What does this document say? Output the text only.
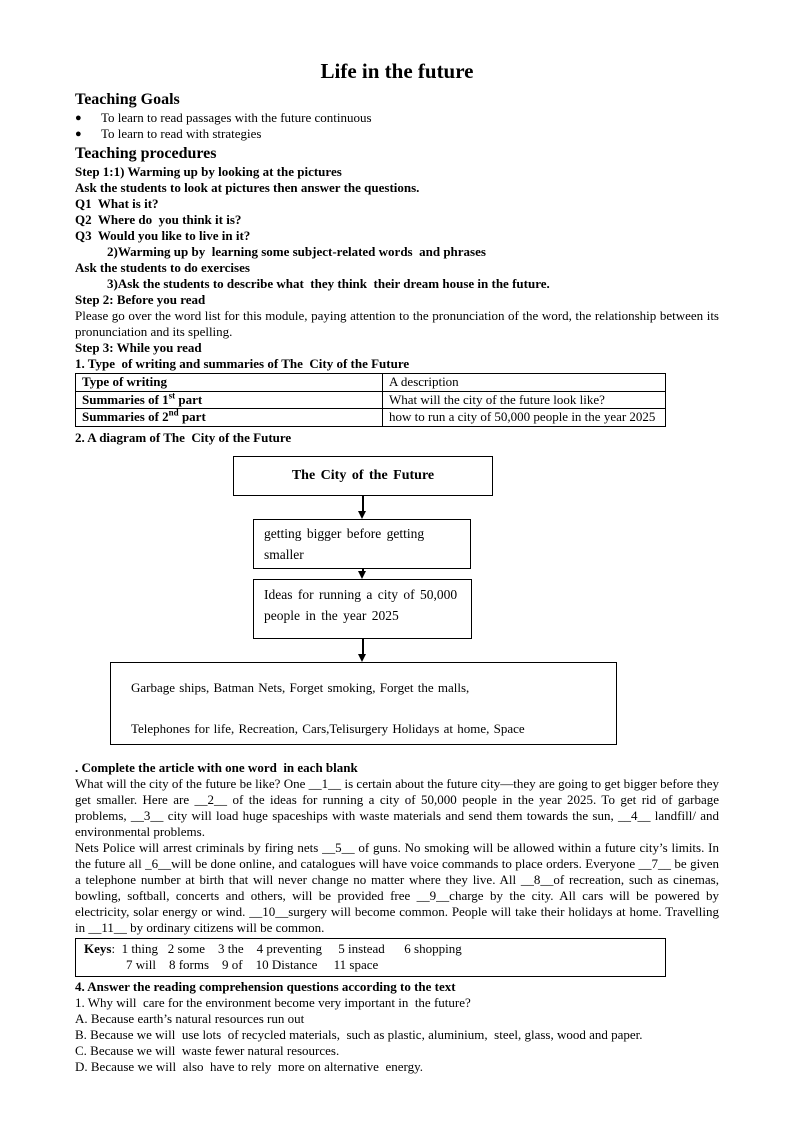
Life in the future
Teaching Goals
●	To learn to read passages with the future continuous
●	To learn to read with strategies
Teaching procedures
Step 1:1) Warming up by looking at the pictures
Ask the students to look at pictures then answer the questions.
Q1  What is it?
Q2  Where do  you think it is?
Q3  Would you like to live in it?
2)Warming up by  learning some subject-related words  and phrases
Ask the students to do exercises
3)Ask the students to describe what  they think  their dream house in the future.
Step 2: Before you read
Please go over the word list for this module, paying attention to the pronunciation of the word, the relationship between its pronunciation and its spelling.
Step 3: While you read
1. Type  of writing and summaries of The  City of the Future
Type of writing	A description
Summaries of 1st part	What will the city of the future look like?
Summaries of 2nd part	how to run a city of 50,000 people in the year 2025
2. A diagram of The  City of the Future
The City of the Future
getting bigger before getting smaller
Ideas for running a city of 50,000 people in the year 2025
Garbage ships, Batman Nets, Forget smoking, Forget the malls,
Telephones for life, Recreation, Cars,Telisurgery Holidays at home, Space
. Complete the article with one word  in each blank
What will the city of the future be like? One __1__ is certain about the future city—they are going to get bigger before they get smaller. Here are __2__ of the ideas for running a city of 50,000 people in the year 2025. To get rid of garbage problems, __3__ city will load huge spaceships with waste materials and send them towards the sun, __4__ landfill/ and environmental problems.
Nets Police will arrest criminals by firing nets __5__ of guns. No smoking will be allowed within a future city’s limits. In the future all _6__will be done online, and catalogues will have voice commands to place orders. Everyone __7__ be given a telephone number at birth that will never change no matter where they live. All __8__of recreation, such as cinemas, bowling, softball, concerts and others, will be provided free __9__charge by the city. All cars will be powered by electricity, solar energy or wind. __10__surgery will become common. People will take their holidays at home. Travelling in __11__ by ordinary citizens will be common.
Keys:  1 thing   2 some    3 the    4 preventing     5 instead      6 shopping
7 will    8 forms    9 of    10 Distance     11 space
4. Answer the reading comprehension questions according to the text
1. Why will  care for the environment become very important in  the future?
A. Because earth’s natural resources run out
B. Because we will  use lots  of recycled materials,  such as plastic, aluminium,  steel, glass, wood and paper.
C. Because we will  waste fewer natural resources.
D. Because we will  also  have to rely  more on alternative  energy.
